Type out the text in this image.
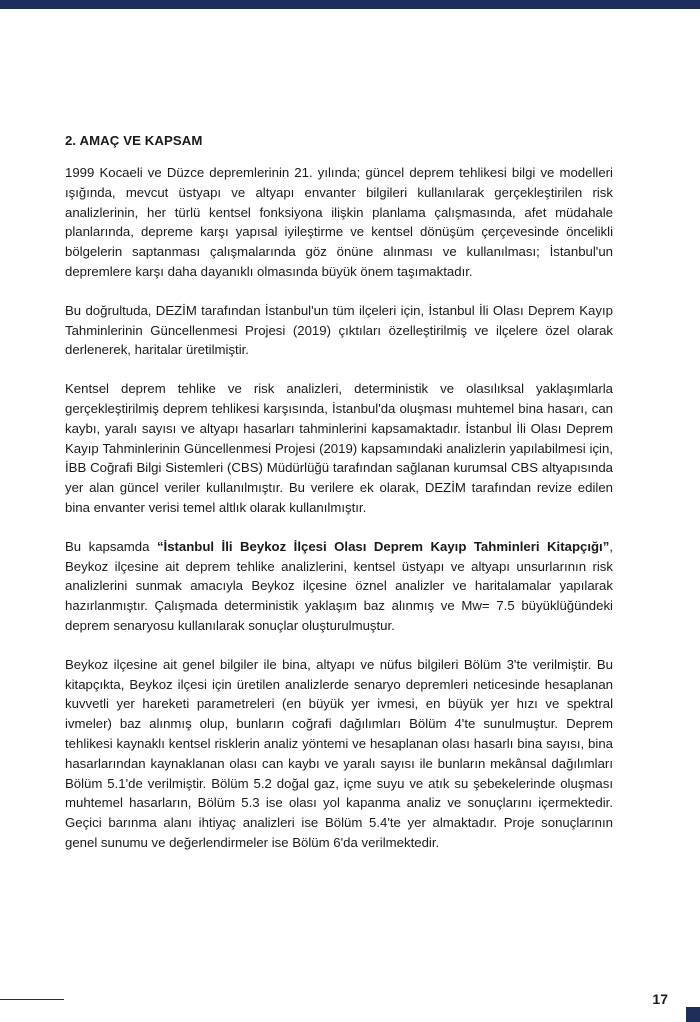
2. AMAÇ VE KAPSAM

1999 Kocaeli ve Düzce depremlerinin 21. yılında; güncel deprem tehlikesi bilgi ve modelleri ışığında, mevcut üstyapı ve altyapı envanter bilgileri kullanılarak gerçekleştirilen risk analizlerinin, her türlü kentsel fonksiyona ilişkin planlama çalışmasında, afet müdahale planlarında, depreme karşı yapısal iyileştirme ve kentsel dönüşüm çerçevesinde öncelikli bölgelerin saptanması çalışmalarında göz önüne alınması ve kullanılması; İstanbul'un depremlere karşı daha dayanıklı olmasında büyük önem taşımaktadır.

Bu doğrultuda, DEZİM tarafından İstanbul'un tüm ilçeleri için, İstanbul İli Olası Deprem Kayıp Tahminlerinin Güncellenmesi Projesi (2019) çıktıları özelleştirilmiş ve ilçelere özel olarak derlenerek, haritalar üretilmiştir.

Kentsel deprem tehlike ve risk analizleri, deterministik ve olasılıksal yaklaşımlarla gerçekleştirilmiş deprem tehlikesi karşısında, İstanbul'da oluşması muhtemel bina hasarı, can kaybı, yaralı sayısı ve altyapı hasarları tahminlerini kapsamaktadır. İstanbul İli Olası Deprem Kayıp Tahminlerinin Güncellenmesi Projesi (2019) kapsamındaki analizlerin yapılabilmesi için, İBB Coğrafi Bilgi Sistemleri (CBS) Müdürlüğü tarafından sağlanan kurumsal CBS altyapısında yer alan güncel veriler kullanılmıştır. Bu verilere ek olarak, DEZİM tarafından revize edilen bina envanter verisi temel altlık olarak kullanılmıştır.

Bu kapsamda “İstanbul İli Beykoz İlçesi Olası Deprem Kayıp Tahminleri Kitapçığı”, Beykoz ilçesine ait deprem tehlike analizlerini, kentsel üstyapı ve altyapı unsurlarının risk analizlerini sunmak amacıyla Beykoz ilçesine öznel analizler ve haritalamalar yapılarak hazırlanmıştır. Çalışmada deterministik yaklaşım baz alınmış ve Mw= 7.5 büyüklüğündeki deprem senaryosu kullanılarak sonuçlar oluşturulmuştur.

Beykoz ilçesine ait genel bilgiler ile bina, altyapı ve nüfus bilgileri Bölüm 3'te verilmiştir. Bu kitapçıkta, Beykoz ilçesi için üretilen analizlerde senaryo depremleri neticesinde hesaplanan kuvvetli yer hareketi parametreleri (en büyük yer ivmesi, en büyük yer hızı ve spektral ivmeler) baz alınmış olup, bunların coğrafi dağılımları Bölüm 4'te sunulmuştur. Deprem tehlikesi kaynaklı kentsel risklerin analiz yöntemi ve hesaplanan olası hasarlı bina sayısı, bina hasarlarından kaynaklanan olası can kaybı ve yaralı sayısı ile bunların mekânsal dağılımları Bölüm 5.1'de verilmiştir. Bölüm 5.2 doğal gaz, içme suyu ve atık su şebekelerinde oluşması muhtemel hasarların, Bölüm 5.3 ise olası yol kapanma analiz ve sonuçlarını içermektedir. Geçici barınma alanı ihtiyaç analizleri ise Bölüm 5.4'te yer almaktadır. Proje sonuçlarının genel sunumu ve değerlendirmeler ise Bölüm 6'da verilmektedir.

17
